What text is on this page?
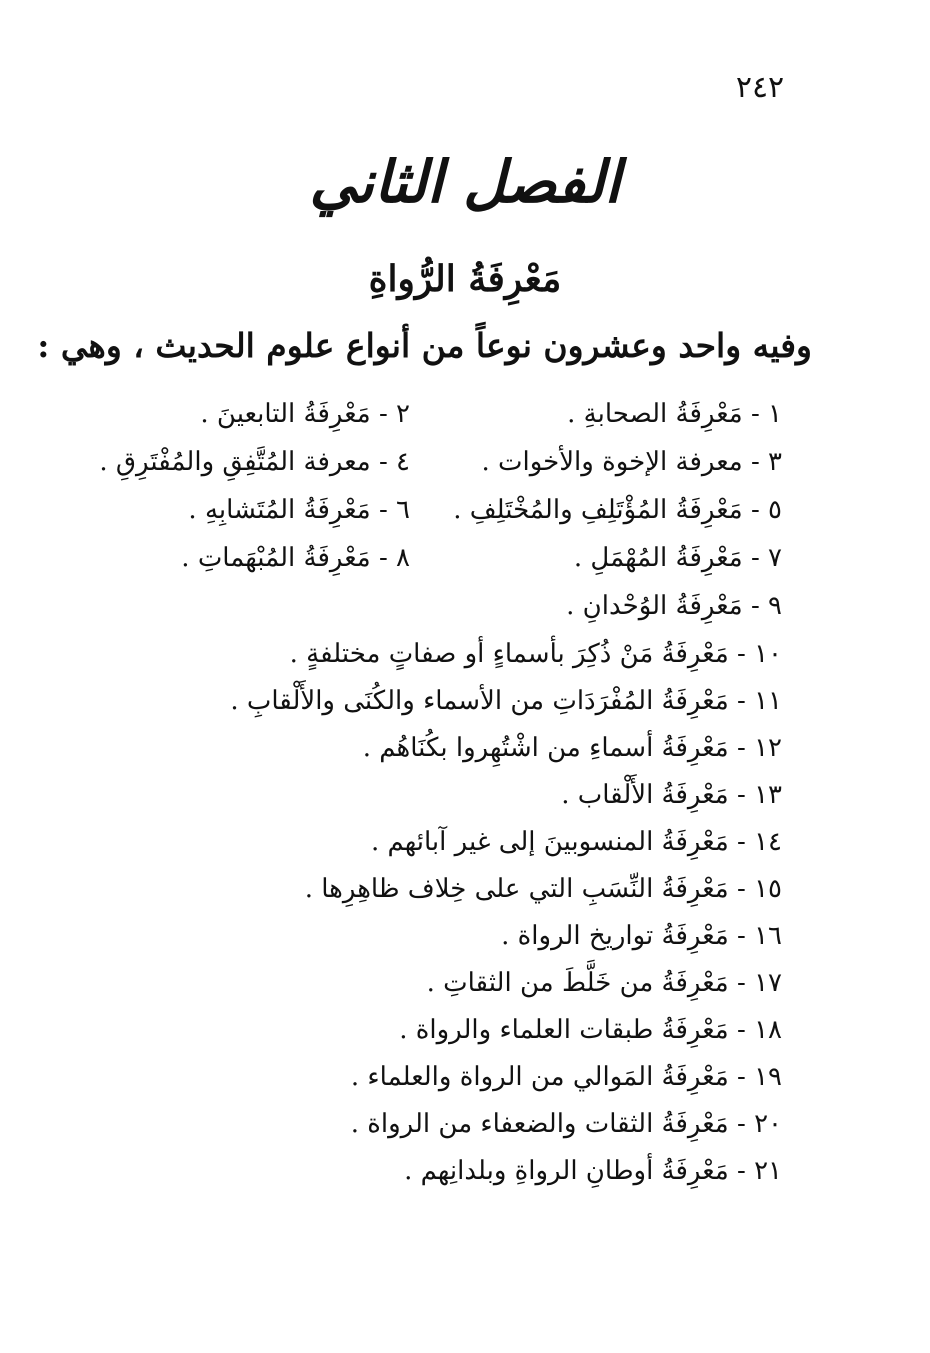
٢٤٢
الفصل الثاني
مَعْرِفَةُ الرُّواةِ
وفيه واحد وعشرون نوعاً من أنواع علوم الحديث ، وهي :
١ - مَعْرِفَةُ الصحابةِ .
٢ - مَعْرِفَةُ التابعينَ .
٣ - معرفة الإخوة والأخوات .
٤ - معرفة المُتَّفِقِ والمُفْتَرِقِ .
٥ - مَعْرِفَةُ المُؤْتَلِفِ والمُخْتَلِفِ .
٦ - مَعْرِفَةُ المُتَشابِهِ .
٧ - مَعْرِفَةُ المُهْمَلِ .
٨ - مَعْرِفَةُ المُبْهَماتِ .
٩ - مَعْرِفَةُ الوُحْدانِ .
١٠ - مَعْرِفَةُ مَنْ ذُكِرَ بأسماءٍ أو صفاتٍ مختلفةٍ .
١١ - مَعْرِفَةُ المُفْرَدَاتِ من الأسماء والكُنَى والأَلْقابِ .
١٢ - مَعْرِفَةُ أسماءِ من اشْتُهِروا بكُنَاهُم .
١٣ - مَعْرِفَةُ الأَلْقاب .
١٤ - مَعْرِفَةُ المنسوبينَ إلى غير آبائهم .
١٥ - مَعْرِفَةُ النِّسَبِ التي على خِلاف ظاهِرِها .
١٦ - مَعْرِفَةُ تواريخ الرواة .
١٧ - مَعْرِفَةُ من خَلَّطَ من الثقاتِ .
١٨ - مَعْرِفَةُ طبقات العلماء والرواة .
١٩ - مَعْرِفَةُ المَوالي من الرواة والعلماء .
٢٠ - مَعْرِفَةُ الثقات والضعفاء من الرواة .
٢١ - مَعْرِفَةُ أوطانِ الرواةِ وبلدانِهم .
